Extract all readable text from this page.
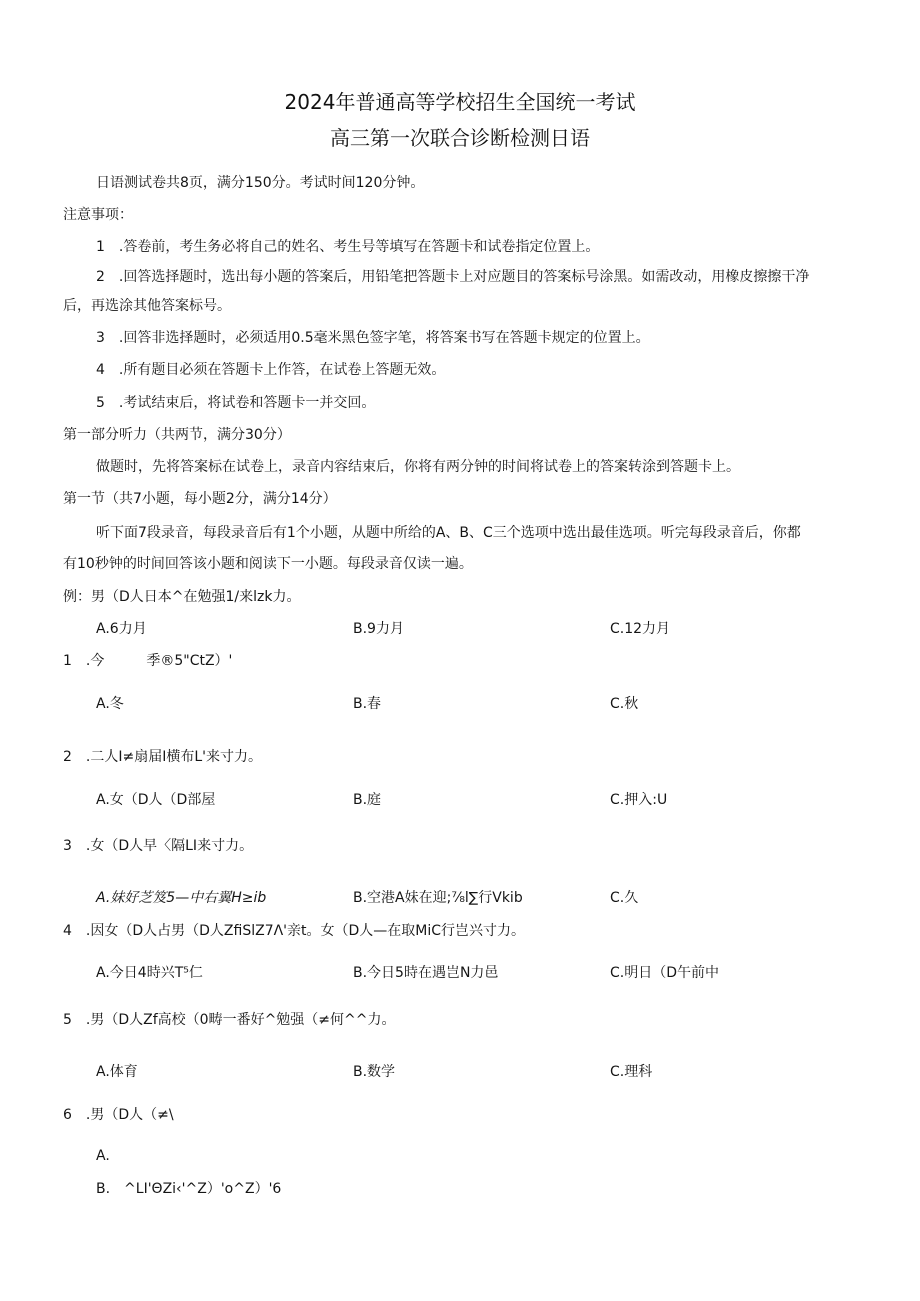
2024年普通高等学校招生全国统一考试
高三第一次联合诊断检测日语
日语测试卷共8页，满分150分。考试时间120分钟。
注意事项：
1　.答卷前，考生务必将自己的姓名、考生号等填写在答题卡和试卷指定位置上。
2　.回答选择题时，选出每小题的答案后，用铅笔把答题卡上对应题目的答案标号涂黑。如需改动，用橡皮擦擦干净
后，再选涂其他答案标号。
3　.回答非选择题时，必须适用0.5毫米黑色签字笔，将答案书写在答题卡规定的位置上。
4　.所有题目必须在答题卡上作答，在试卷上答题无效。
5　.考试结束后，将试卷和答题卡一并交回。
第一部分听力（共两节，满分30分）
做题时，先将答案标在试卷上，录音内容结束后，你将有两分钟的时间将试卷上的答案转涂到答题卡上。
第一节（共7小题，每小题2分，满分14分）
听下面7段录音，每段录音后有1个小题，从题中所给的A、B、C三个选项中选出最佳选项。听完每段录音后，你都
有10秒钟的时间回答该小题和阅读下一小题。每段录音仅读一遍。
例：男（D人日本^在勉强1/来lzk力。
A.6力月	B.9力月	C.12力月
1　.今　　　季®5"CtZ）'
A.冬	B.春	C.秋
2　.二人I≠扇届I横布L'来寸力。
A.女（D人（D部屋	B.庭	C.押入:U
3　.女（D人早〈隔LI来寸力。
A.妹好芝笈5—中右翼H≥ib	B.空港A妹在迎;⅞l∑行Vkib	C.久
4　.因女（D人占男（D人ZfiSlZ7Λ'亲t。女（D人—在取MiC行岂兴寸力。
A.今日4時兴T⁵仁	B.今日5時在遇岂N力邑	C.明日（D午前中
5　.男（D人Zf高校（0畴一番好^勉强（≠何^^力。
A.体育	B.数学	C.理科
6　.男（D人（≠\
A.
B.　^LI'ΘZi‹'^Z）'o^Z）'6
